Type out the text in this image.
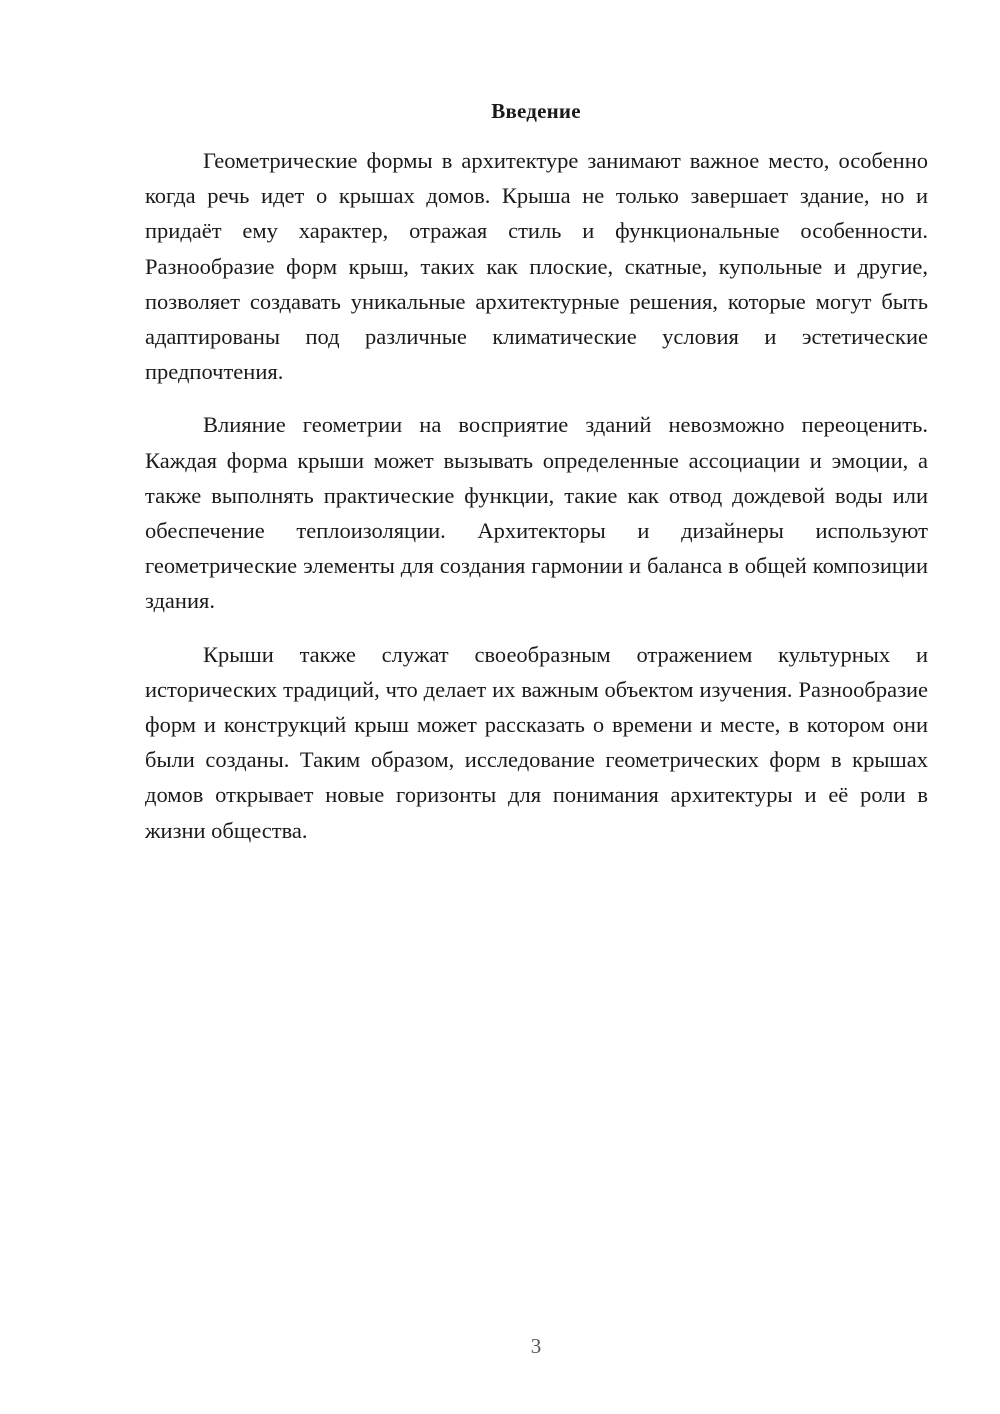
Введение

Геометрические формы в архитектуре занимают важное место, особенно когда речь идет о крышах домов. Крыша не только завершает здание, но и придаёт ему характер, отражая стиль и функциональные особенности. Разнообразие форм крыш, таких как плоские, скатные, купольные и другие, позволяет создавать уникальные архитектурные решения, которые могут быть адаптированы под различные климатические условия и эстетические предпочтения.

Влияние геометрии на восприятие зданий невозможно переоценить. Каждая форма крыши может вызывать определенные ассоциации и эмоции, а также выполнять практические функции, такие как отвод дождевой воды или обеспечение теплоизоляции. Архитекторы и дизайнеры используют геометрические элементы для создания гармонии и баланса в общей композиции здания.

Крыши также служат своеобразным отражением культурных и исторических традиций, что делает их важным объектом изучения. Разнообразие форм и конструкций крыш может рассказать о времени и месте, в котором они были созданы. Таким образом, исследование геометрических форм в крышах домов открывает новые горизонты для понимания архитектуры и её роли в жизни общества.

3
